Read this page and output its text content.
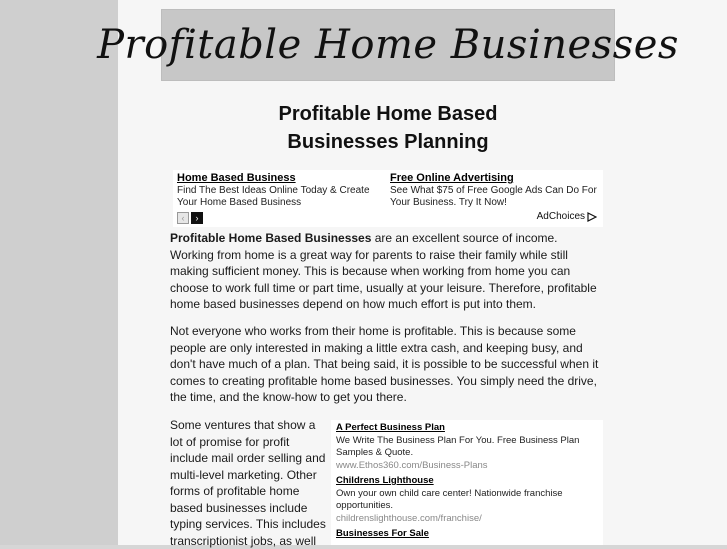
Profitable Home Businesses
Profitable Home Based
Businesses Planning
Home Based Business
Find The Best Ideas Online Today & Create Your Home Based Business
Free Online Advertising
See What $75 of Free Google Ads Can Do For Your Business. Try It Now!
‹ ›	AdChoices
Profitable Home Based Businesses are an excellent source of income. Working from home is a great way for parents to raise their family while still making sufficient money. This is because when working from home you can choose to work full time or part time, usually at your leisure. Therefore, profitable home based businesses depend on how much effort is put into them.
Not everyone who works from their home is profitable. This is because some people are only interested in making a little extra cash, and keeping busy, and don't have much of a plan. That being said, it is possible to be successful when it comes to creating profitable home based businesses. You simply need the drive, the time, and the know-how to get you there.
Some ventures that show a lot of promise for profit include mail order selling and multi-level marketing. Other forms of profitable home based businesses include typing services. This includes transcriptionist jobs, as well
A Perfect Business Plan
We Write The Business Plan For You. Free Business Plan Samples & Quote.
www.Ethos360.com/Business-Plans
Childrens Lighthouse
Own your own child care center! Nationwide franchise opportunities.
childrenslighthouse.com/franchise/
Businesses For Sale
